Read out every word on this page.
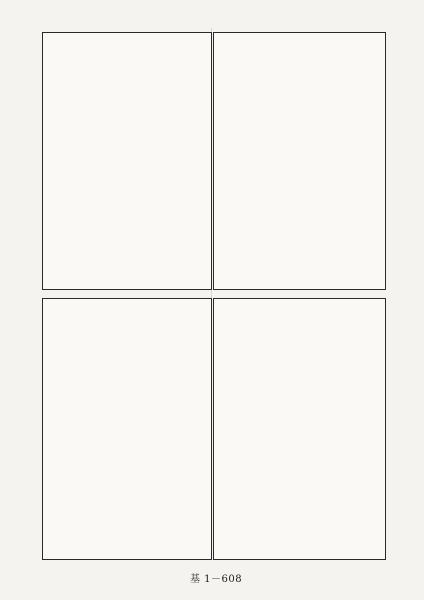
基 1－608
